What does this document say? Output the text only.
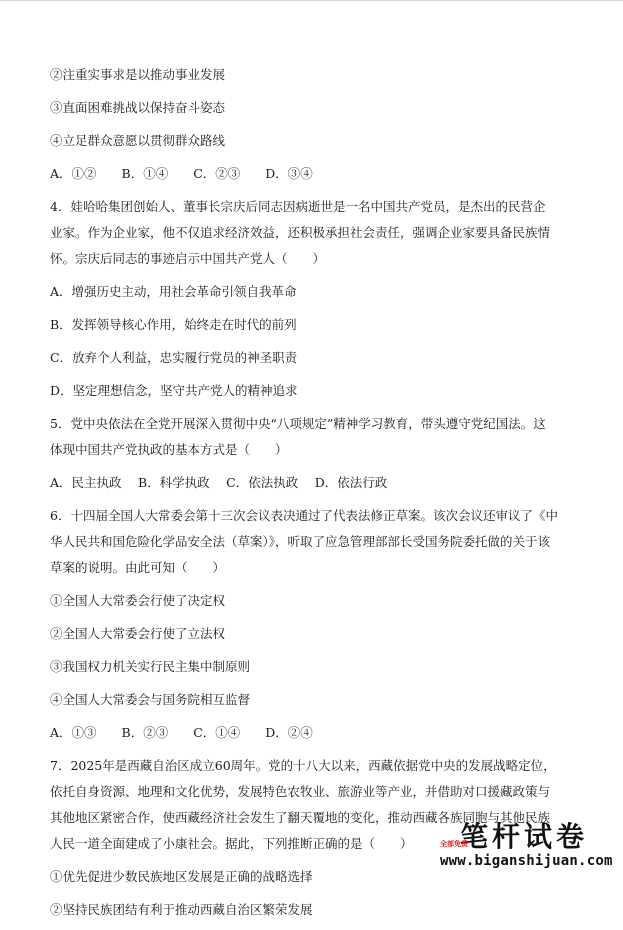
②注重实事求是以推动事业发展
③直面困难挑战以保持奋斗姿态
④立足群众意愿以贯彻群众路线
A．①②　　B．①④　　C．②③　　D．③④
4．娃哈哈集团创始人、董事长宗庆后同志因病逝世是一名中国共产党员，是杰出的民营企
业家。作为企业家，他不仅追求经济效益，还积极承担社会责任，强调企业家要具备民族情
怀。宗庆后同志的事迹启示中国共产党人（　　）
A．增强历史主动，用社会革命引领自我革命
B．发挥领导核心作用，始终走在时代的前列
C．放弃个人利益，忠实履行党员的神圣职责
D．坚定理想信念，坚守共产党人的精神追求
5．党中央依法在全党开展深入贯彻中央“八项规定”精神学习教育，带头遵守党纪国法。这
体现中国共产党执政的基本方式是（　　）
A．民主执政　 B．科学执政　 C．依法执政　 D．依法行政
6．十四届全国人大常委会第十三次会议表决通过了代表法修正草案。该次会议还审议了《中
华人民共和国危险化学品安全法（草案）》，听取了应急管理部部长受国务院委托做的关于该
草案的说明。由此可知（　　）
①全国人大常委会行使了决定权
②全国人大常委会行使了立法权
③我国权力机关实行民主集中制原则
④全国人大常委会与国务院相互监督
A．①③　　B．②③　　C．①④　　D．②④
7．2025年是西藏自治区成立60周年。党的十八大以来，西藏依据党中央的发展战略定位，
依托自身资源、地理和文化优势，发展特色农牧业、旅游业等产业，并借助对口援藏政策与
其他地区紧密合作，使西藏经济社会发生了翻天覆地的变化，推动西藏各族同胞与其他民族
人民一道全面建成了小康社会。据此，下列推断正确的是（　　）
①优先促进少数民族地区发展是正确的战略选择
②坚持民族团结有利于推动西藏自治区繁荣发展
笔杆试卷
全部免费
www.biganshijuan.com
